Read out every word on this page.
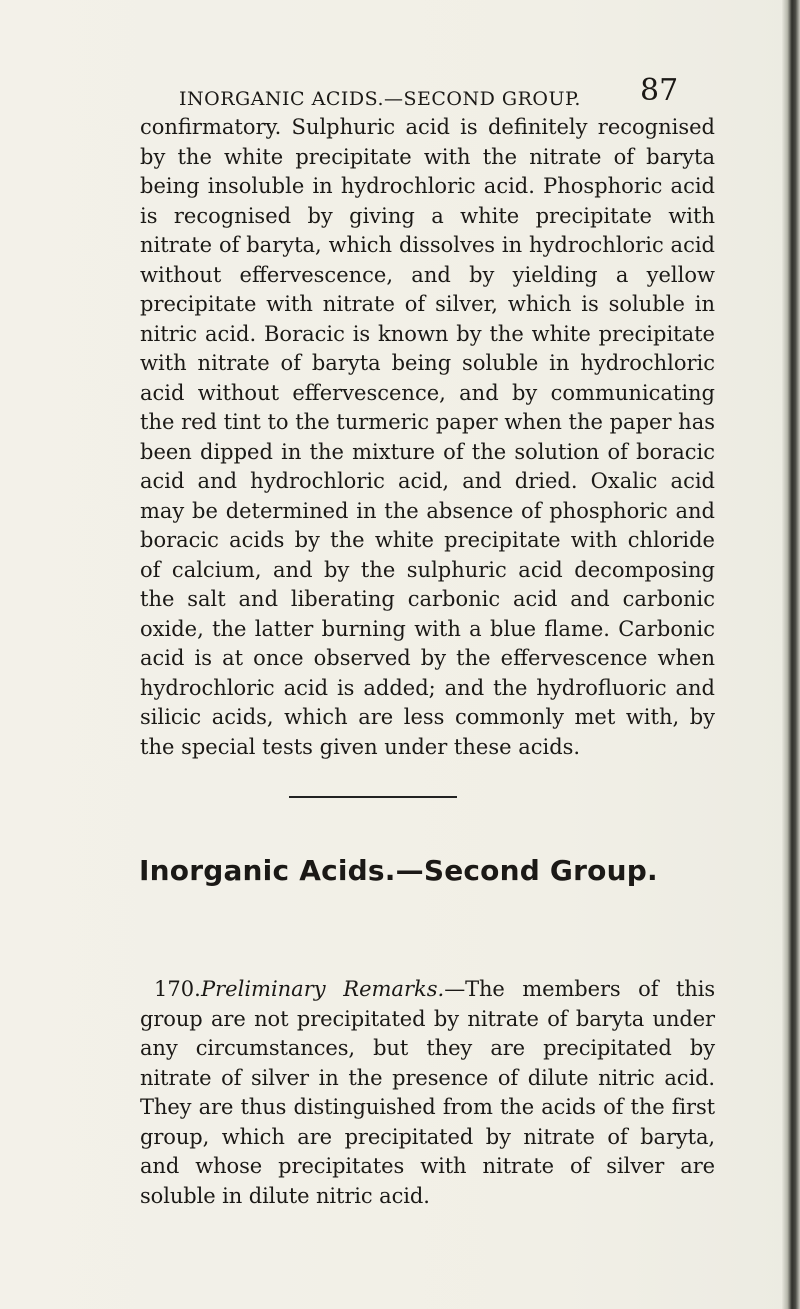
INORGANIC ACIDS.—SECOND GROUP. 87

confirmatory. Sulphuric acid is definitely recognised by the white precipitate with the nitrate of baryta being insoluble in hydrochloric acid. Phosphoric acid is recognised by giving a white precipitate with nitrate of baryta, which dissolves in hydrochloric acid without effervescence, and by yielding a yellow precipitate with nitrate of silver, which is soluble in nitric acid. Boracic is known by the white precipitate with nitrate of baryta being soluble in hydrochloric acid without effervescence, and by communicating the red tint to the turmeric paper when the paper has been dipped in the mixture of the solution of boracic acid and hydrochloric acid, and dried. Oxalic acid may be determined in the absence of phosphoric and boracic acids by the white precipitate with chloride of calcium, and by the sulphuric acid decomposing the salt and liberating carbonic acid and carbonic oxide, the latter burning with a blue flame. Carbonic acid is at once observed by the effervescence when hydrochloric acid is added; and the hydrofluoric and silicic acids, which are less commonly met with, by the special tests given under these acids.

Inorganic Acids.—Second Group.

170.Preliminary Remarks.—The members of this group are not precipitated by nitrate of baryta under any circumstances, but they are precipitated by nitrate of silver in the presence of dilute nitric acid. They are thus distinguished from the acids of the first group, which are precipitated by nitrate of baryta, and whose precipitates with nitrate of silver are soluble in dilute nitric acid.
